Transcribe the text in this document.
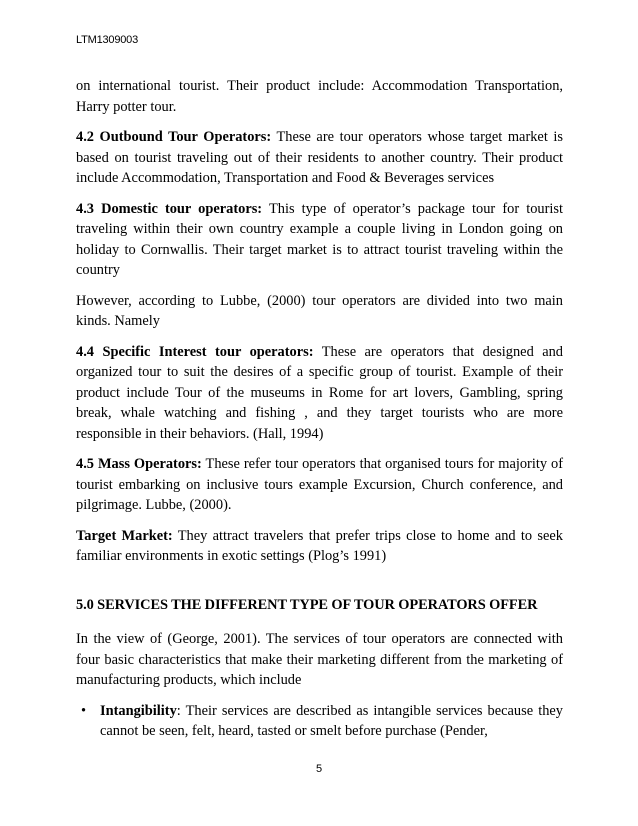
LTM1309003

on international tourist. Their product include: Accommodation Transportation, Harry potter tour.

4.2 Outbound Tour Operators: These are tour operators whose target market is based on tourist traveling out of their residents to another country. Their product include Accommodation, Transportation and Food & Beverages services

4.3 Domestic tour operators: This type of operator’s package tour for tourist traveling within their own country example a couple living in London going on holiday to Cornwallis. Their target market is to attract tourist traveling within the country

However, according to Lubbe, (2000) tour operators are divided into two main kinds. Namely

4.4 Specific Interest tour operators: These are operators that designed and organized tour to suit the desires of a specific group of tourist. Example of their product include Tour of the museums in Rome for art lovers, Gambling, spring break, whale watching and fishing , and they target tourists who are more responsible in their behaviors. (Hall, 1994)

4.5 Mass Operators: These refer tour operators that organised tours for majority of tourist embarking on inclusive tours example Excursion, Church conference, and pilgrimage. Lubbe, (2000).

Target Market: They attract travelers that prefer trips close to home and to seek familiar environments in exotic settings (Plog’s 1991)

5.0 SERVICES THE DIFFERENT TYPE OF TOUR OPERATORS OFFER

In the view of (George, 2001). The services of tour operators are connected with four basic characteristics that make their marketing different from the marketing of manufacturing products, which include

• Intangibility: Their services are described as intangible services because they cannot be seen, felt, heard, tasted or smelt before purchase (Pender,
5
